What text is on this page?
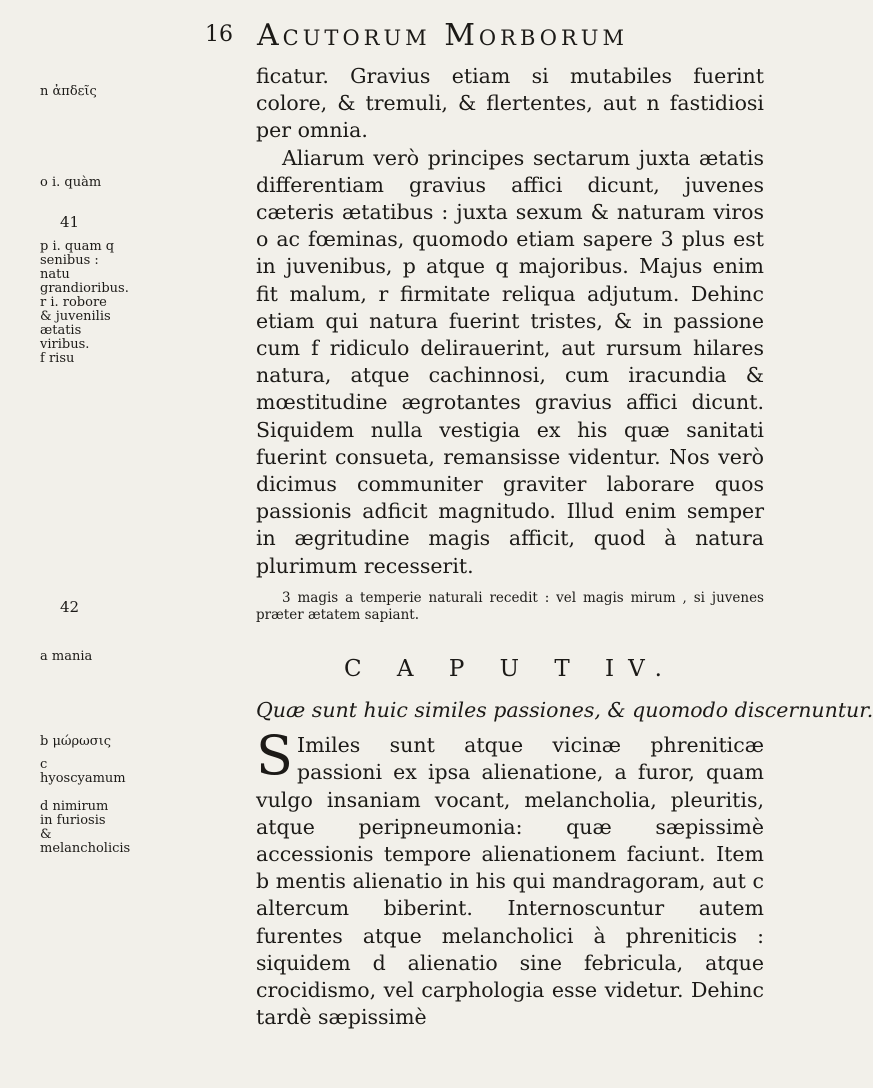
16 Acutorum Morborum
n ἀπδεῖς
o i. quàm
41
p i. quam q senibus : natu grandioribus.
r i. robore & juvenilis ætatis viribus.
f risu
42
a mania
b μώρωσις
c hyoscyamum
d nimirum in furiosis & melancholicis

ficatur. Gravius etiam si mutabiles fuerint colore, & tremuli, & flertentes, aut n fastidiosi per omnia.

Aliarum verò principes sectarum juxta ætatis differentiam gravius affici dicunt, juvenes cæteris ætatibus : juxta sexum & naturam viros o ac fœminas, quomodo etiam sapere 3 plus est in juvenibus, p atque q majoribus. Majus enim fit malum, r firmitate reliqua adjutum. Dehinc etiam qui natura fuerint tristes, & in passione cum f ridiculo delirauerint, aut rursum hilares natura, atque cachinnosi, cum iracundia & mœstitudine ægrotantes gravius affici dicunt. Siquidem nulla vestigia ex his quæ sanitati fuerint consueta, remansisse videntur. Nos verò dicimus communiter graviter laborare quos passionis adficit magnitudo. Illud enim semper in ægritudine magis afficit, quod à natura plurimum recesserit.

3 magis a temperie naturali recedit : vel magis mirum , si juvenes præter ætatem sapiant.

C A P U T IV.
Quæ sunt huic similes passiones, & quomodo discernuntur.

S Imiles sunt atque vicinæ phreniticæ passioni ex ipsa alienatione, a furor, quam vulgo insaniam vocant, melancholia, pleuritis, atque peripneumonia: quæ sæpissimè accessionis tempore alienationem faciunt. Item b mentis alienatio in his qui mandragoram, aut c altercum biberint. Internoscuntur autem furentes atque melancholici à phreniticis : siquidem d alienatio sine febricula, atque crocidismo, vel carphologia esse videtur. Dehinc tardè sæpissimè
